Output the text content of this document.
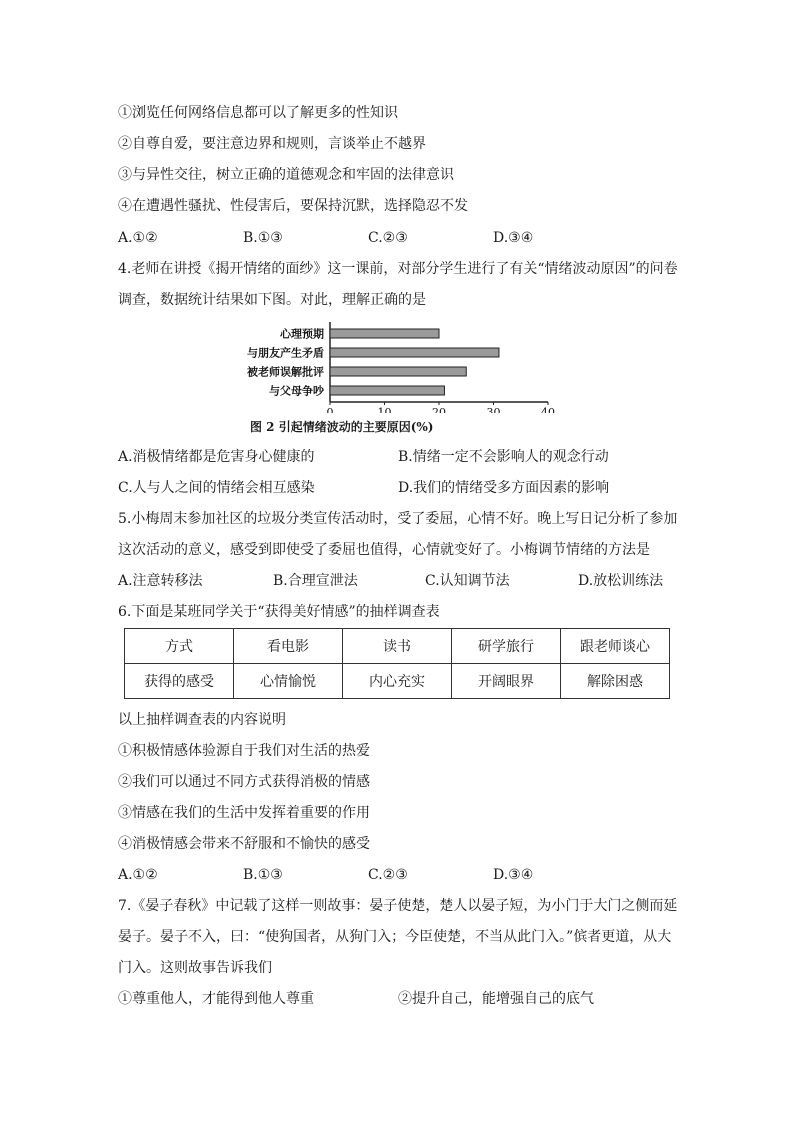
①浏览任何网络信息都可以了解更多的性知识
②自尊自爱，要注意边界和规则，言谈举止不越界
③与异性交往，树立正确的道德观念和牢固的法律意识
④在遭遇性骚扰、性侵害后，要保持沉默，选择隐忍不发
A.①②	B.①③	C.②③	D.③④
4.老师在讲授《揭开情绪的面纱》这一课前，对部分学生进行了有关“情绪波动原因”的问卷
调查，数据统计结果如下图。对此，理解正确的是
心理预期
与朋友产生矛盾
被老师误解批评
与父母争吵
0	10	20	30	40
图 2 引起情绪波动的主要原因(%)
A.消极情绪都是危害身心健康的	B.情绪一定不会影响人的观念行动
C.人与人之间的情绪会相互感染	D.我们的情绪受多方面因素的影响
5.小梅周末参加社区的垃圾分类宣传活动时，受了委屈，心情不好。晚上写日记分析了参加
这次活动的意义，感受到即使受了委屈也值得，心情就变好了。小梅调节情绪的方法是
A.注意转移法	B.合理宣泄法	C.认知调节法	D.放松训练法
6.下面是某班同学关于“获得美好情感”的抽样调查表
方式	看电影	读书	研学旅行	跟老师谈心
获得的感受	心情愉悦	内心充实	开阔眼界	解除困惑
以上抽样调查表的内容说明
①积极情感体验源自于我们对生活的热爱
②我们可以通过不同方式获得消极的情感
③情感在我们的生活中发挥着重要的作用
④消极情感会带来不舒服和不愉快的感受
A.①②	B.①③	C.②③	D.③④
7.《晏子春秋》中记载了这样一则故事：晏子使楚，楚人以晏子短，为小门于大门之侧而延
晏子。晏子不入，曰：“使狗国者，从狗门入；今臣使楚，不当从此门入。”傧者更道，从大
门入。这则故事告诉我们
①尊重他人，才能得到他人尊重	②提升自己，能增强自己的底气
